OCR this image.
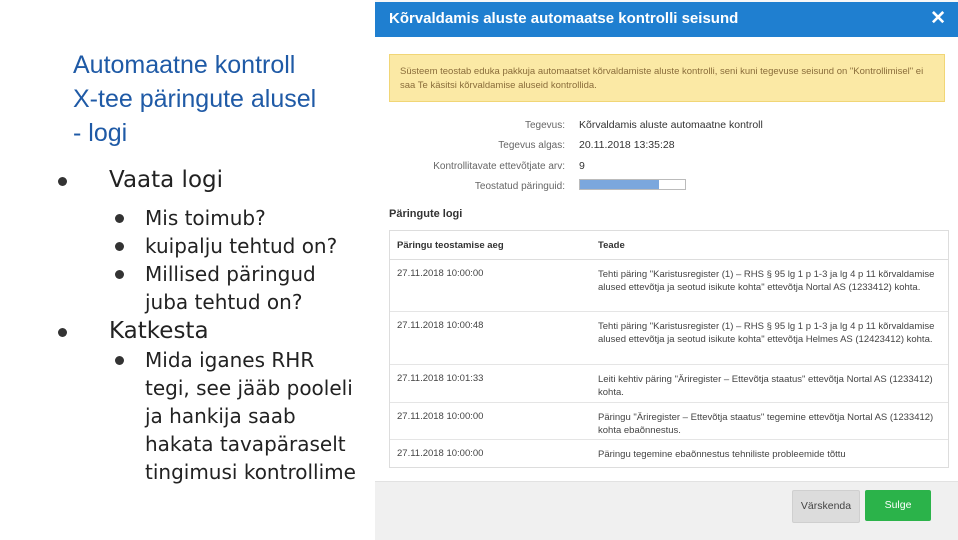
Automaatne kontroll
X-tee päringute alusel
- logi
Vaata logi
Mis toimub?
kuipalju tehtud on?
Millised päringud juba tehtud on?
Katkesta
Mida iganes RHR tegi, see jääb pooleli ja hankija saab hakata tavapäraselt tingimusi kontrollime
Kõrvaldamis aluste automaatse kontrolli seisund	✕
Süsteem teostab eduka pakkuja automaatset kõrvaldamiste aluste kontrolli, seni kuni tegevuse seisund on "Kontrollimisel" ei saa Te käsitsi kõrvaldamise aluseid kontrollida.
Tegevus: Kõrvaldamis aluste automaatne kontroll
Tegevus algas: 20.11.2018 13:35:28
Kontrollitavate ettevõtjate arv: 9
Teostatud päringuid:
Päringute logi
Päringu teostamise aeg	Teade
27.11.2018 10:00:00	Tehti päring "Karistusregister (1) – RHS § 95 lg 1 p 1-3 ja lg 4 p 11 kõrvaldamise alused ettevõtja ja seotud isikute kohta" ettevõtja Nortal AS (1233412) kohta.
27.11.2018 10:00:48	Tehti päring "Karistusregister (1) – RHS § 95 lg 1 p 1-3 ja lg 4 p 11 kõrvaldamise alused ettevõtja ja seotud isikute kohta" ettevõtja Helmes AS (12423412) kohta.
27.11.2018 10:01:33	Leiti kehtiv päring "Äriregister – Ettevõtja staatus" ettevõtja Nortal AS (1233412) kohta.
27.11.2018 10:00:00	Päringu "Äriregister – Ettevõtja staatus" tegemine ettevõtja Nortal AS (1233412) kohta ebaõnnestus.
27.11.2018 10:00:00	Päringu tegemine ebaõnnestus tehniliste probleemide tõttu
Värskenda	Sulge
